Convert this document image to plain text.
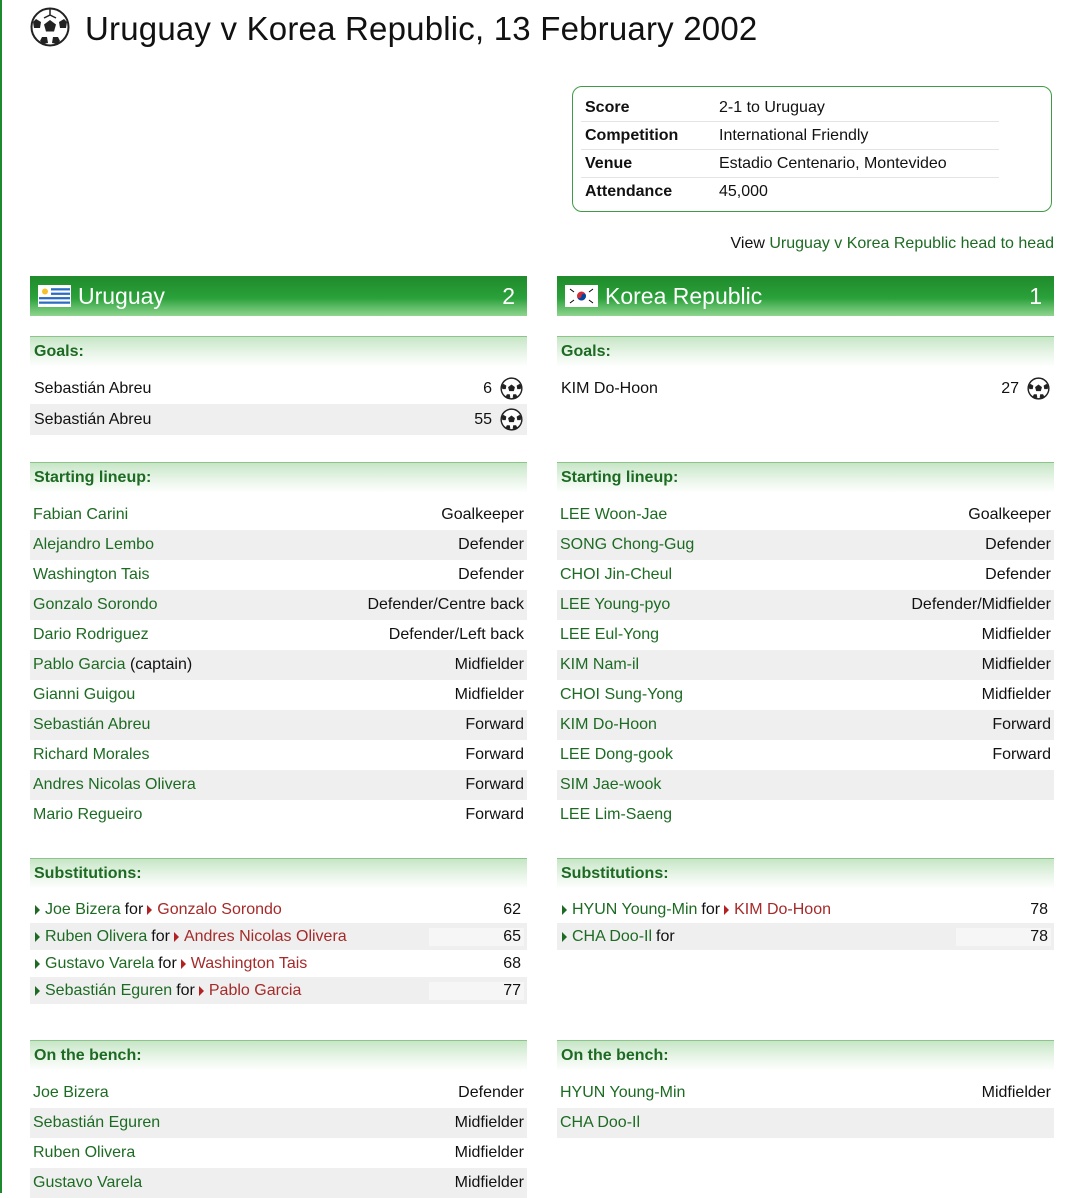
Uruguay v Korea Republic, 13 February 2002
Score	2-1 to Uruguay
Competition	International Friendly
Venue	Estadio Centenario, Montevideo
Attendance	45,000
View Uruguay v Korea Republic head to head
Uruguay	2
Goals:
Sebastián Abreu	6
Sebastián Abreu	55
Starting lineup:
Fabian Carini	Goalkeeper
Alejandro Lembo	Defender
Washington Tais	Defender
Gonzalo Sorondo	Defender/Centre back
Dario Rodriguez	Defender/Left back
Pablo Garcia (captain)	Midfielder
Gianni Guigou	Midfielder
Sebastián Abreu	Forward
Richard Morales	Forward
Andres Nicolas Olivera	Forward
Mario Regueiro	Forward
Substitutions:
Joe Bizera for Gonzalo Sorondo	62
Ruben Olivera for Andres Nicolas Olivera	65
Gustavo Varela for Washington Tais	68
Sebastián Eguren for Pablo Garcia	77
On the bench:
Joe Bizera	Defender
Sebastián Eguren	Midfielder
Ruben Olivera	Midfielder
Gustavo Varela	Midfielder
Korea Republic	1
Goals:
KIM Do-Hoon	27
Starting lineup:
LEE Woon-Jae	Goalkeeper
SONG Chong-Gug	Defender
CHOI Jin-Cheul	Defender
LEE Young-pyo	Defender/Midfielder
LEE Eul-Yong	Midfielder
KIM Nam-il	Midfielder
CHOI Sung-Yong	Midfielder
KIM Do-Hoon	Forward
LEE Dong-gook	Forward
SIM Jae-wook
LEE Lim-Saeng
Substitutions:
HYUN Young-Min for KIM Do-Hoon	78
CHA Doo-Il for	78
On the bench:
HYUN Young-Min	Midfielder
CHA Doo-Il
